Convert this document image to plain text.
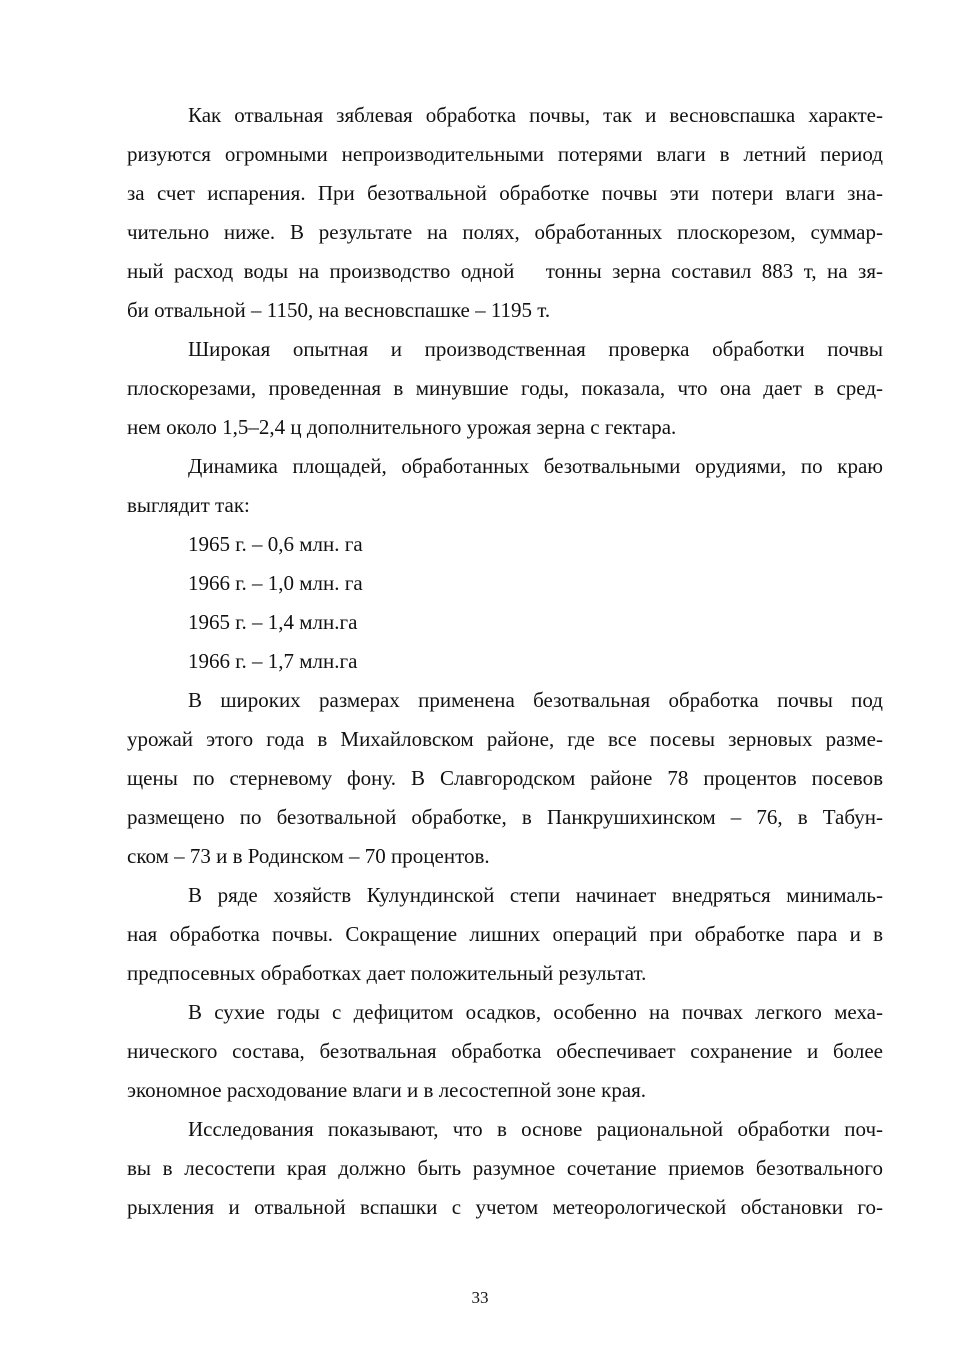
Как отвальная зяблевая обработка почвы, так и весновспашка характе-
ризуются огромными непроизводительными потерями влаги в летний период
за счет испарения. При безотвальной обработке почвы эти потери влаги зна-
чительно ниже. В результате на полях, обработанных плоскорезом, суммар-
ный расход воды на производство одной   тонны зерна составил 883 т, на зя-
би отвальной – 1150, на весновспашке – 1195 т.
Широкая опытная и производственная проверка обработки почвы
плоскорезами, проведенная в минувшие годы, показала, что она дает в сред-
нем около 1,5–2,4 ц дополнительного урожая зерна с гектара.
Динамика площадей, обработанных безотвальными орудиями, по краю
выглядит так:
1965 г. – 0,6 млн. га
1966 г. – 1,0 млн. га
1965 г. – 1,4 млн.га
1966 г. – 1,7 млн.га
В широких размерах применена безотвальная обработка почвы под
урожай этого года в Михайловском районе, где все посевы зерновых разме-
щены по стерневому фону. В Славгородском районе 78 процентов посевов
размещено по безотвальной обработке, в Панкрушихинском – 76, в Табун-
ском – 73 и в Родинском – 70 процентов.
В ряде хозяйств Кулундинской степи начинает внедряться минималь-
ная обработка почвы. Сокращение лишних операций при обработке пара и в
предпосевных обработках дает положительный результат.
В сухие годы с дефицитом осадков, особенно на почвах легкого меха-
нического состава, безотвальная обработка обеспечивает сохранение и более
экономное расходование влаги и в лесостепной зоне края.
Исследования показывают, что в основе рациональной обработки поч-
вы в лесостепи края должно быть разумное сочетание приемов безотвального
рыхления и отвальной вспашки с учетом метеорологической обстановки го-
33
